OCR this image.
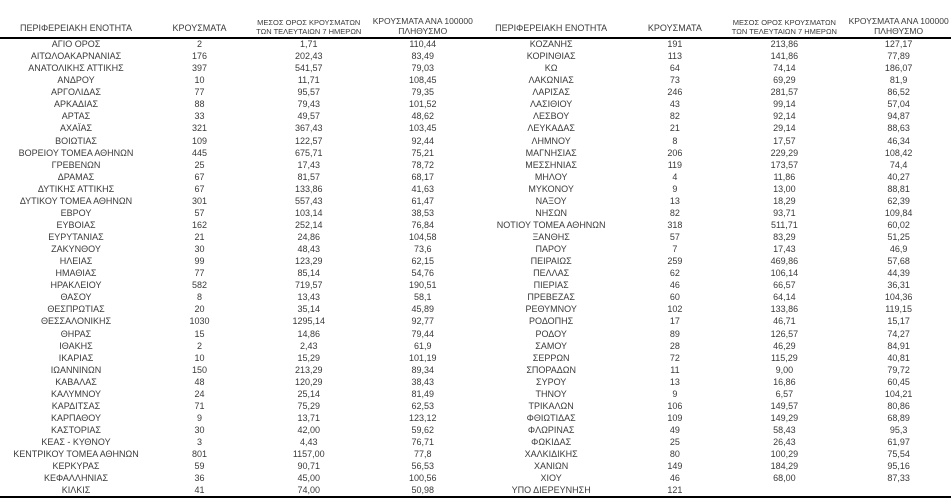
ΠΕΡΙΦΕΡΕΙΑΚΗ ΕΝΟΤΗΤΑ	ΚΡΟΥΣΜΑΤΑ	ΜΕΣΟΣ ΟΡΟΣ ΚΡΟΥΣΜΑΤΩΝ
ΤΩΝ ΤΕΛΕΥΤΑΙΩΝ 7 ΗΜΕΡΩΝ	ΚΡΟΥΣΜΑΤΑ ΑΝΑ 100000
ΠΛΗΘΥΣΜΟ

ΑΓΙΟ ΟΡΟΣ	2	1,71	110,44
ΑΙΤΩΛΟΑΚΑΡΝΑΝΙΑΣ	176	202,43	83,49
ΑΝΑΤΟΛΙΚΗΣ ΑΤΤΙΚΗΣ	397	541,57	79,03
ΑΝΔΡΟΥ	10	11,71	108,45
ΑΡΓΟΛΙΔΑΣ	77	95,57	79,35
ΑΡΚΑΔΙΑΣ	88	79,43	101,52
ΑΡΤΑΣ	33	49,57	48,62
ΑΧΑΪΑΣ	321	367,43	103,45
ΒΟΙΩΤΙΑΣ	109	122,57	92,44
ΒΟΡΕΙΟΥ ΤΟΜΕΑ ΑΘΗΝΩΝ	445	675,71	75,21
ΓΡΕΒΕΝΩΝ	25	17,43	78,72
ΔΡΑΜΑΣ	67	81,57	68,17
ΔΥΤΙΚΗΣ ΑΤΤΙΚΗΣ	67	133,86	41,63
ΔΥΤΙΚΟΥ ΤΟΜΕΑ ΑΘΗΝΩΝ	301	557,43	61,47
ΕΒΡΟΥ	57	103,14	38,53
ΕΥΒΟΙΑΣ	162	252,14	76,84
ΕΥΡΥΤΑΝΙΑΣ	21	24,86	104,58
ΖΑΚΥΝΘΟΥ	30	48,43	73,6
ΗΛΕΙΑΣ	99	123,29	62,15
ΗΜΑΘΙΑΣ	77	85,14	54,76
ΗΡΑΚΛΕΙΟΥ	582	719,57	190,51
ΘΑΣΟΥ	8	13,43	58,1
ΘΕΣΠΡΩΤΙΑΣ	20	35,14	45,89
ΘΕΣΣΑΛΟΝΙΚΗΣ	1030	1295,14	92,77
ΘΗΡΑΣ	15	14,86	79,44
ΙΘΑΚΗΣ	2	2,43	61,9
ΙΚΑΡΙΑΣ	10	15,29	101,19
ΙΩΑΝΝΙΝΩΝ	150	213,29	89,34
ΚΑΒΑΛΑΣ	48	120,29	38,43
ΚΑΛΥΜΝΟΥ	24	25,14	81,49
ΚΑΡΔΙΤΣΑΣ	71	75,29	62,53
ΚΑΡΠΑΘΟΥ	9	13,71	123,12
ΚΑΣΤΟΡΙΑΣ	30	42,00	59,62
ΚΕΑΣ - ΚΥΘΝΟΥ	3	4,43	76,71
ΚΕΝΤΡΙΚΟΥ ΤΟΜΕΑ ΑΘΗΝΩΝ	801	1157,00	77,8
ΚΕΡΚΥΡΑΣ	59	90,71	56,53
ΚΕΦΑΛΛΗΝΙΑΣ	36	45,00	100,56
ΚΙΛΚΙΣ	41	74,00	50,98
ΠΕΡΙΦΕΡΕΙΑΚΗ ΕΝΟΤΗΤΑ	ΚΡΟΥΣΜΑΤΑ	ΜΕΣΟΣ ΟΡΟΣ ΚΡΟΥΣΜΑΤΩΝ
ΤΩΝ ΤΕΛΕΥΤΑΙΩΝ 7 ΗΜΕΡΩΝ	ΚΡΟΥΣΜΑΤΑ ΑΝΑ 100000
ΠΛΗΘΥΣΜΟ

ΚΟΖΑΝΗΣ	191	213,86	127,17
ΚΟΡΙΝΘΙΑΣ	113	141,86	77,89
ΚΩ	64	74,14	186,07
ΛΑΚΩΝΙΑΣ	73	69,29	81,9
ΛΑΡΙΣΑΣ	246	281,57	86,52
ΛΑΣΙΘΙΟΥ	43	99,14	57,04
ΛΕΣΒΟΥ	82	92,14	94,87
ΛΕΥΚΑΔΑΣ	21	29,14	88,63
ΛΗΜΝΟΥ	8	17,57	46,34
ΜΑΓΝΗΣΙΑΣ	206	229,29	108,42
ΜΕΣΣΗΝΙΑΣ	119	173,57	74,4
ΜΗΛΟΥ	4	11,86	40,27
ΜΥΚΟΝΟΥ	9	13,00	88,81
ΝΑΞΟΥ	13	18,29	62,39
ΝΗΣΩΝ	82	93,71	109,84
ΝΟΤΙΟΥ ΤΟΜΕΑ ΑΘΗΝΩΝ	318	511,71	60,02
ΞΑΝΘΗΣ	57	83,29	51,25
ΠΑΡΟΥ	7	17,43	46,9
ΠΕΙΡΑΙΩΣ	259	469,86	57,68
ΠΕΛΛΑΣ	62	106,14	44,39
ΠΙΕΡΙΑΣ	46	66,57	36,31
ΠΡΕΒΕΖΑΣ	60	64,14	104,36
ΡΕΘΥΜΝΟΥ	102	133,86	119,15
ΡΟΔΟΠΗΣ	17	46,71	15,17
ΡΟΔΟΥ	89	126,57	74,27
ΣΑΜΟΥ	28	46,29	84,91
ΣΕΡΡΩΝ	72	115,29	40,81
ΣΠΟΡΑΔΩΝ	11	9,00	79,72
ΣΥΡΟΥ	13	16,86	60,45
ΤΗΝΟΥ	9	6,57	104,21
ΤΡΙΚΑΛΩΝ	106	149,57	80,86
ΦΘΙΩΤΙΔΑΣ	109	149,29	68,89
ΦΛΩΡΙΝΑΣ	49	58,43	95,3
ΦΩΚΙΔΑΣ	25	26,43	61,97
ΧΑΛΚΙΔΙΚΗΣ	80	100,29	75,54
ΧΑΝΙΩΝ	149	184,29	95,16
ΧΙΟΥ	46	68,00	87,33
ΥΠΟ ΔΙΕΡΕΥΝΗΣΗ	121		
